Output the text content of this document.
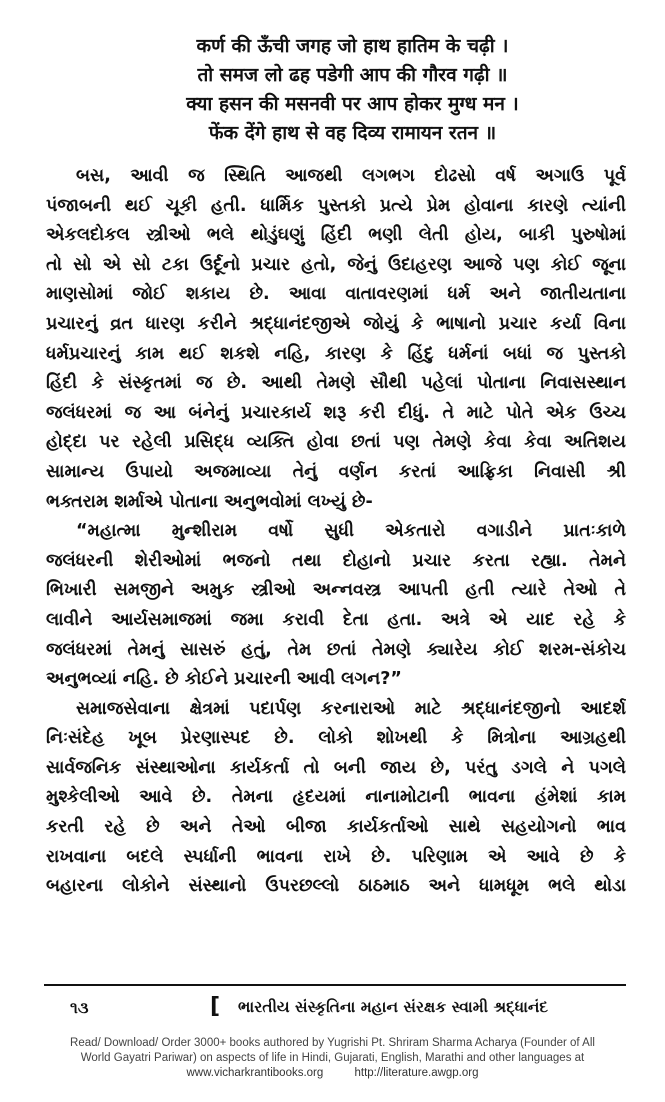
कर्ण की ऊँची जगह जो हाथ हातिम के चढ़ी ।
तो समज लो ढह पडेगी आप की गौरव गढ़ी ॥
क्या हसन की मसनवी पर आप होकर मुग्ध मन ।
फेंक देंगे हाथ से वह दिव्य रामायन रतन ॥
બસ, આવી જ સ્થિતિ આજથી લગભગ દોઢસો વર્ષ અગાઉ પૂર્વ
પંજાબની થઈ ચૂકી હતી. ધાર્મિક પુસ્તકો પ્રત્યે પ્રેમ હોવાના કારણે ત્યાંની
એકલદોકલ સ્ત્રીઓ ભલે થોડુંઘણું હિંદી ભણી લેતી હોય, બાકી પુરુષોમાં
તો સો એ સો ટકા ઉર્દૂનો પ્રચાર હતો, જેનું ઉદાહરણ આજે પણ કોઈ જૂના
માણસોમાં જોઈ શકાય છે. આવા વાતાવરણમાં ધર્મ અને જાતીયતાના
પ્રચારનું વ્રત ધારણ કરીને શ્રદ્ધાનંદજીએ જોયું કે ભાષાનો પ્રચાર કર્યા વિના
ધર્મપ્રચારનું કામ થઈ શકશે નહિ, કારણ કે હિંદુ ધર્મનાં બધાં જ પુસ્તકો
હિંદી કે સંસ્કૃતમાં જ છે. આથી તેમણે સૌથી પહેલાં પોતાના નિવાસસ્થાન
જલંધરમાં જ આ બંનેનું પ્રચારકાર્ય શરૂ કરી દીધું. તે માટે પોતે એક ઉચ્ચ
હોદ્દા પર રહેલી પ્રસિદ્ધ વ્યક્તિ હોવા છતાં પણ તેમણે કેવા કેવા અતિશય
સામાન્ય ઉપાયો અજમાવ્યા તેનું વર્ણન કરતાં આફ્રિકા નિવાસી શ્રી
ભક્તરામ શર્માએ પોતાના અનુભવોમાં લખ્યું છે-
“મહાત્મા મુન્શીરામ વર્ષો સુધી એકતારો વગાડીને પ્રાતઃકાળે
જલંધરની શેરીઓમાં ભજનો તથા દોહાનો પ્રચાર કરતા રહ્યા. તેમને
ભિખારી સમજીને અમુક સ્ત્રીઓ અન્નવસ્ત્ર આપતી હતી ત્યારે તેઓ તે
લાવીને આર્યસમાજમાં જમા કરાવી દેતા હતા. અત્રે એ યાદ રહે કે
જલંધરમાં તેમનું સાસરું હતું, તેમ છતાં તેમણે ક્યારેય કોઈ શરમ-સંકોચ
અનુભવ્યાં નહિ. છે કોઈને પ્રચારની આવી લગન?”
સમાજસેવાના ક્ષેત્રમાં પદાર્પણ કરનારાઓ માટે શ્રદ્ધાનંદજીનો આદર્શ
નિઃસંદેહ ખૂબ પ્રેરણાસ્પદ છે. લોકો શોખથી કે મિત્રોના આગ્રહથી
સાર્વજનિક સંસ્થાઓના કાર્યકર્તા તો બની જાય છે, પરંતુ ડગલે ને પગલે
મુશ્કેલીઓ આવે છે. તેમના હૃદયમાં નાનામોટાની ભાવના હંમેશાં કામ
કરતી રહે છે અને તેઓ બીજા કાર્યકર્તાઓ સાથે સહયોગનો ભાવ
રાખવાના બદલે સ્પર્ધાની ભાવના રાખે છે. પરિણામ એ આવે છે કે
બહારના લોકોને સંસ્થાનો ઉપરછલ્લો ઠાઠમાઠ અને ધામધૂમ ભલે થોડા
૧૩	[ ભારતીય સંસ્કૃતિના મહાન સંરક્ષક સ્વામી શ્રદ્ધાનંદ
Read/ Download/ Order 3000+ books authored by Yugrishi Pt. Shriram Sharma Acharya (Founder of All
World Gayatri Pariwar) on aspects of life in Hindi, Gujarati, English, Marathi and other languages at
www.vicharkrantibooks.org	http://literature.awgp.org
